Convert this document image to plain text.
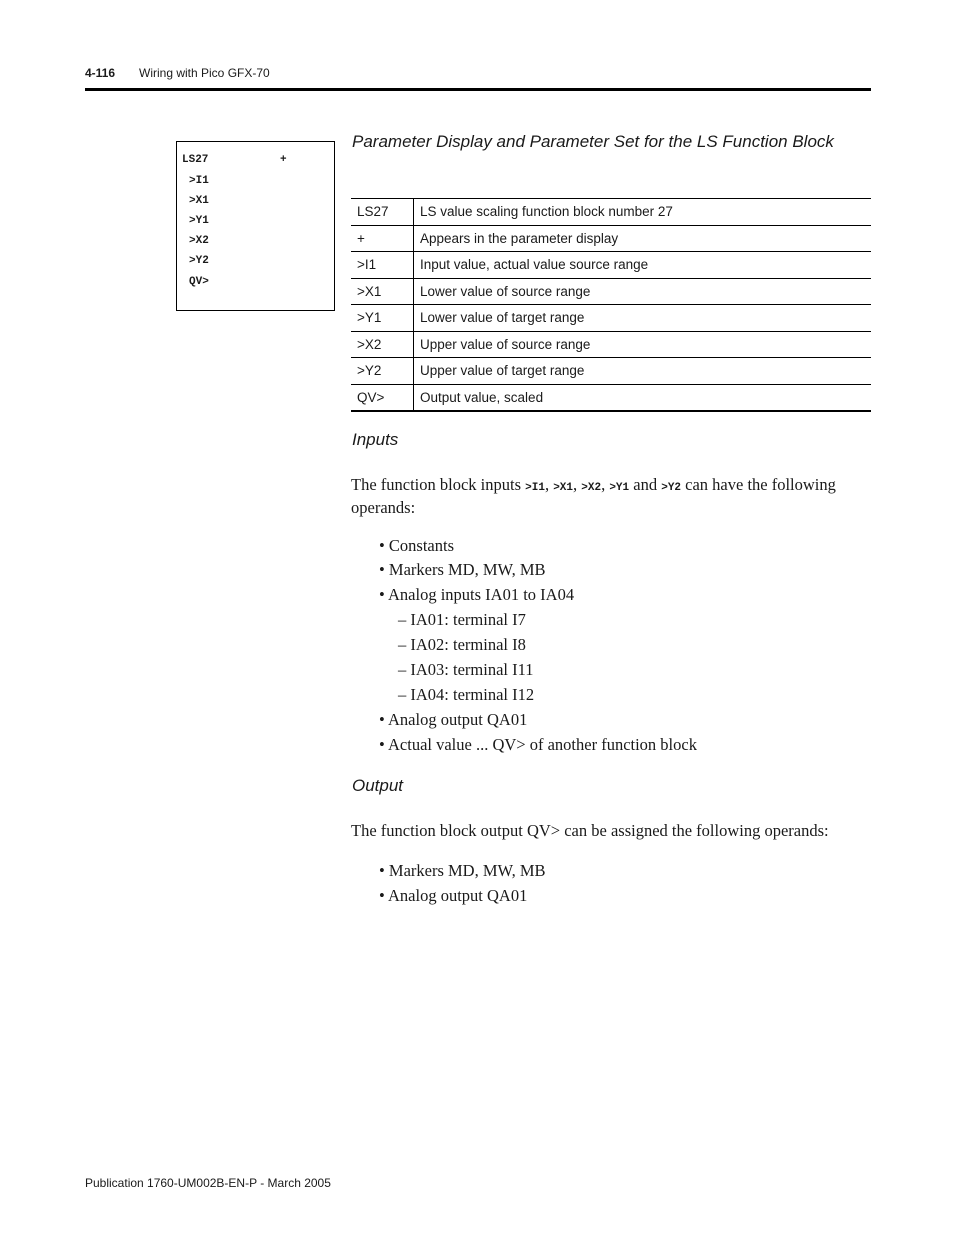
4-116 Wiring with Pico GFX-70
LS27	+
>I1
>X1
>Y1
>X2
>Y2
QV>
Parameter Display and Parameter Set for the LS Function Block
LS27	LS value scaling function block number 27
+	Appears in the parameter display
>I1	Input value, actual value source range
>X1	Lower value of source range
>Y1	Lower value of target range
>X2	Upper value of source range
>Y2	Upper value of target range
QV>	Output value, scaled
Inputs
The function block inputs >I1, >X1, >X2, >Y1 and >Y2 can have the following operands:
• Constants
• Markers MD, MW, MB
• Analog inputs IA01 to IA04
– IA01: terminal I7
– IA02: terminal I8
– IA03: terminal I11
– IA04: terminal I12
• Analog output QA01
• Actual value ... QV> of another function block
Output
The function block output QV> can be assigned the following operands:
• Markers MD, MW, MB
• Analog output QA01
Publication 1760-UM002B-EN-P - March 2005
